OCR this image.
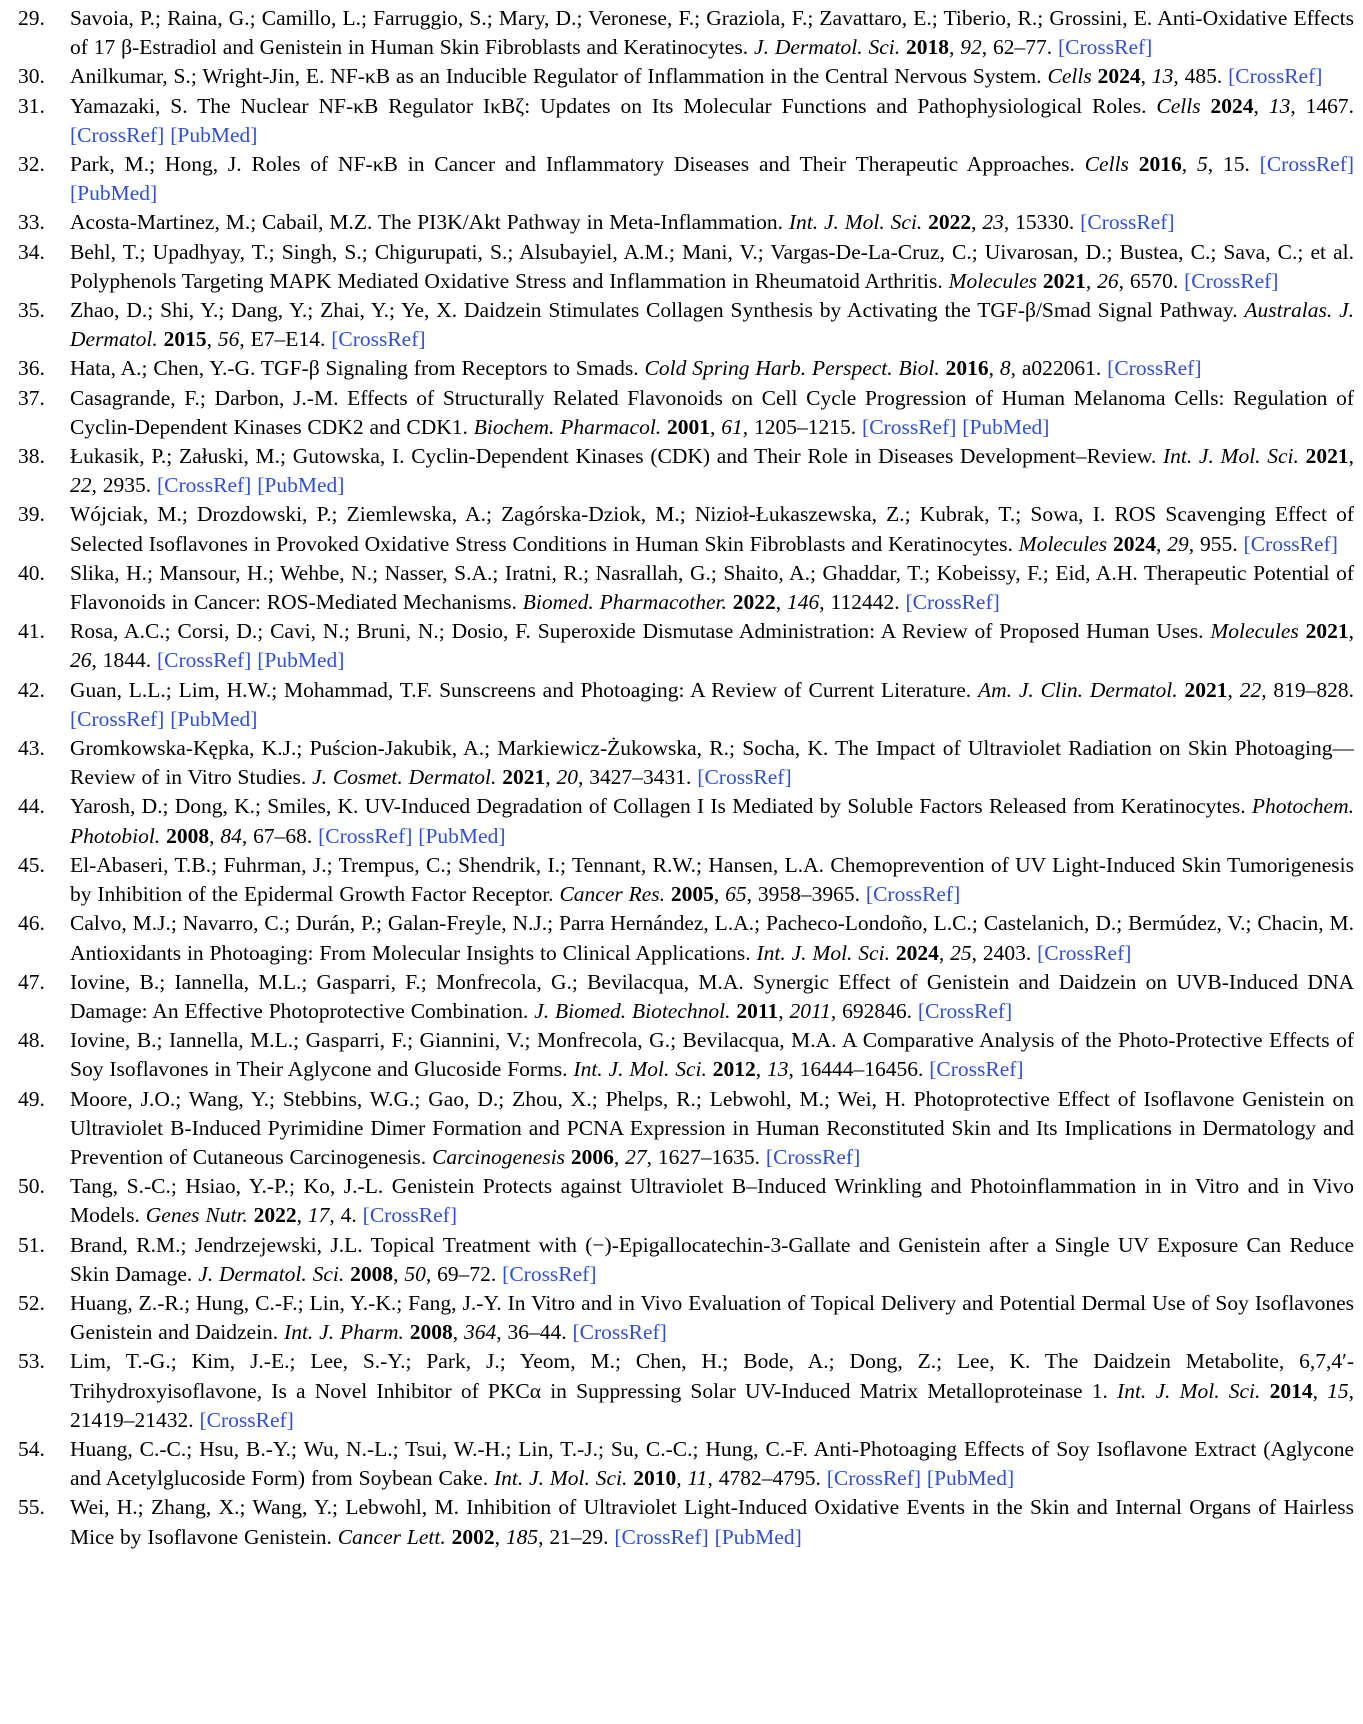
29.	Savoia, P.; Raina, G.; Camillo, L.; Farruggio, S.; Mary, D.; Veronese, F.; Graziola, F.; Zavattaro, E.; Tiberio, R.; Grossini, E. Anti-Oxidative Effects of 17 β-Estradiol and Genistein in Human Skin Fibroblasts and Keratinocytes. J. Dermatol. Sci. 2018, 92, 62–77. [CrossRef]
30.	Anilkumar, S.; Wright-Jin, E. NF-κB as an Inducible Regulator of Inflammation in the Central Nervous System. Cells 2024, 13, 485. [CrossRef]
31.	Yamazaki, S. The Nuclear NF-κB Regulator IκBζ: Updates on Its Molecular Functions and Pathophysiological Roles. Cells 2024, 13, 1467. [CrossRef] [PubMed]
32.	Park, M.; Hong, J. Roles of NF-κB in Cancer and Inflammatory Diseases and Their Therapeutic Approaches. Cells 2016, 5, 15. [CrossRef] [PubMed]
33.	Acosta-Martinez, M.; Cabail, M.Z. The PI3K/Akt Pathway in Meta-Inflammation. Int. J. Mol. Sci. 2022, 23, 15330. [CrossRef]
34.	Behl, T.; Upadhyay, T.; Singh, S.; Chigurupati, S.; Alsubayiel, A.M.; Mani, V.; Vargas-De-La-Cruz, C.; Uivarosan, D.; Bustea, C.; Sava, C.; et al. Polyphenols Targeting MAPK Mediated Oxidative Stress and Inflammation in Rheumatoid Arthritis. Molecules 2021, 26, 6570. [CrossRef]
35.	Zhao, D.; Shi, Y.; Dang, Y.; Zhai, Y.; Ye, X. Daidzein Stimulates Collagen Synthesis by Activating the TGF-β/Smad Signal Pathway. Australas. J. Dermatol. 2015, 56, E7–E14. [CrossRef]
36.	Hata, A.; Chen, Y.-G. TGF-β Signaling from Receptors to Smads. Cold Spring Harb. Perspect. Biol. 2016, 8, a022061. [CrossRef]
37.	Casagrande, F.; Darbon, J.-M. Effects of Structurally Related Flavonoids on Cell Cycle Progression of Human Melanoma Cells: Regulation of Cyclin-Dependent Kinases CDK2 and CDK1. Biochem. Pharmacol. 2001, 61, 1205–1215. [CrossRef] [PubMed]
38.	Łukasik, P.; Załuski, M.; Gutowska, I. Cyclin-Dependent Kinases (CDK) and Their Role in Diseases Development–Review. Int. J. Mol. Sci. 2021, 22, 2935. [CrossRef] [PubMed]
39.	Wójciak, M.; Drozdowski, P.; Ziemlewska, A.; Zagórska-Dziok, M.; Nizioł-Łukaszewska, Z.; Kubrak, T.; Sowa, I. ROS Scavenging Effect of Selected Isoflavones in Provoked Oxidative Stress Conditions in Human Skin Fibroblasts and Keratinocytes. Molecules 2024, 29, 955. [CrossRef]
40.	Slika, H.; Mansour, H.; Wehbe, N.; Nasser, S.A.; Iratni, R.; Nasrallah, G.; Shaito, A.; Ghaddar, T.; Kobeissy, F.; Eid, A.H. Therapeutic Potential of Flavonoids in Cancer: ROS-Mediated Mechanisms. Biomed. Pharmacother. 2022, 146, 112442. [CrossRef]
41.	Rosa, A.C.; Corsi, D.; Cavi, N.; Bruni, N.; Dosio, F. Superoxide Dismutase Administration: A Review of Proposed Human Uses. Molecules 2021, 26, 1844. [CrossRef] [PubMed]
42.	Guan, L.L.; Lim, H.W.; Mohammad, T.F. Sunscreens and Photoaging: A Review of Current Literature. Am. J. Clin. Dermatol. 2021, 22, 819–828. [CrossRef] [PubMed]
43.	Gromkowska-Kępka, K.J.; Puścion-Jakubik, A.; Markiewicz-Żukowska, R.; Socha, K. The Impact of Ultraviolet Radiation on Skin Photoaging—Review of in Vitro Studies. J. Cosmet. Dermatol. 2021, 20, 3427–3431. [CrossRef]
44.	Yarosh, D.; Dong, K.; Smiles, K. UV-Induced Degradation of Collagen I Is Mediated by Soluble Factors Released from Keratinocytes. Photochem. Photobiol. 2008, 84, 67–68. [CrossRef] [PubMed]
45.	El-Abaseri, T.B.; Fuhrman, J.; Trempus, C.; Shendrik, I.; Tennant, R.W.; Hansen, L.A. Chemoprevention of UV Light-Induced Skin Tumorigenesis by Inhibition of the Epidermal Growth Factor Receptor. Cancer Res. 2005, 65, 3958–3965. [CrossRef]
46.	Calvo, M.J.; Navarro, C.; Durán, P.; Galan-Freyle, N.J.; Parra Hernández, L.A.; Pacheco-Londoño, L.C.; Castelanich, D.; Bermúdez, V.; Chacin, M. Antioxidants in Photoaging: From Molecular Insights to Clinical Applications. Int. J. Mol. Sci. 2024, 25, 2403. [CrossRef]
47.	Iovine, B.; Iannella, M.L.; Gasparri, F.; Monfrecola, G.; Bevilacqua, M.A. Synergic Effect of Genistein and Daidzein on UVB-Induced DNA Damage: An Effective Photoprotective Combination. J. Biomed. Biotechnol. 2011, 2011, 692846. [CrossRef]
48.	Iovine, B.; Iannella, M.L.; Gasparri, F.; Giannini, V.; Monfrecola, G.; Bevilacqua, M.A. A Comparative Analysis of the Photo-Protective Effects of Soy Isoflavones in Their Aglycone and Glucoside Forms. Int. J. Mol. Sci. 2012, 13, 16444–16456. [CrossRef]
49.	Moore, J.O.; Wang, Y.; Stebbins, W.G.; Gao, D.; Zhou, X.; Phelps, R.; Lebwohl, M.; Wei, H. Photoprotective Effect of Isoflavone Genistein on Ultraviolet B-Induced Pyrimidine Dimer Formation and PCNA Expression in Human Reconstituted Skin and Its Implications in Dermatology and Prevention of Cutaneous Carcinogenesis. Carcinogenesis 2006, 27, 1627–1635. [CrossRef]
50.	Tang, S.-C.; Hsiao, Y.-P.; Ko, J.-L. Genistein Protects against Ultraviolet B–Induced Wrinkling and Photoinflammation in in Vitro and in Vivo Models. Genes Nutr. 2022, 17, 4. [CrossRef]
51.	Brand, R.M.; Jendrzejewski, J.L. Topical Treatment with (−)-Epigallocatechin-3-Gallate and Genistein after a Single UV Exposure Can Reduce Skin Damage. J. Dermatol. Sci. 2008, 50, 69–72. [CrossRef]
52.	Huang, Z.-R.; Hung, C.-F.; Lin, Y.-K.; Fang, J.-Y. In Vitro and in Vivo Evaluation of Topical Delivery and Potential Dermal Use of Soy Isoflavones Genistein and Daidzein. Int. J. Pharm. 2008, 364, 36–44. [CrossRef]
53.	Lim, T.-G.; Kim, J.-E.; Lee, S.-Y.; Park, J.; Yeom, M.; Chen, H.; Bode, A.; Dong, Z.; Lee, K. The Daidzein Metabolite, 6,7,4′-Trihydroxyisoflavone, Is a Novel Inhibitor of PKCα in Suppressing Solar UV-Induced Matrix Metalloproteinase 1. Int. J. Mol. Sci. 2014, 15, 21419–21432. [CrossRef]
54.	Huang, C.-C.; Hsu, B.-Y.; Wu, N.-L.; Tsui, W.-H.; Lin, T.-J.; Su, C.-C.; Hung, C.-F. Anti-Photoaging Effects of Soy Isoflavone Extract (Aglycone and Acetylglucoside Form) from Soybean Cake. Int. J. Mol. Sci. 2010, 11, 4782–4795. [CrossRef] [PubMed]
55.	Wei, H.; Zhang, X.; Wang, Y.; Lebwohl, M. Inhibition of Ultraviolet Light-Induced Oxidative Events in the Skin and Internal Organs of Hairless Mice by Isoflavone Genistein. Cancer Lett. 2002, 185, 21–29. [CrossRef] [PubMed]
